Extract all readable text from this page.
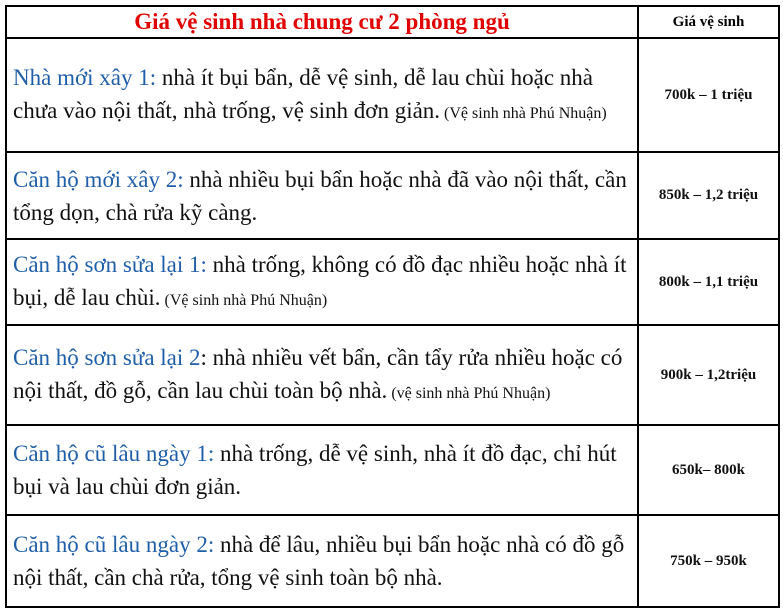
Giá vệ sinh nhà chung cư 2 phòng ngủ	Giá vệ sinh
Nhà mới xây 1: nhà ít bụi bẩn, dễ vệ sinh, dễ lau chùi hoặc nhà chưa vào nội thất, nhà trống, vệ sinh đơn giản. (Vệ sinh nhà Phú Nhuận)	700k – 1 triệu
Căn hộ mới xây 2: nhà nhiều bụi bẩn hoặc nhà đã vào nội thất, cần tổng dọn, chà rửa kỹ càng.	850k – 1,2 triệu
Căn hộ sơn sửa lại 1: nhà trống, không có đồ đạc nhiều hoặc nhà ít bụi, dễ lau chùi. (Vệ sinh nhà Phú Nhuận)	800k – 1,1 triệu
Căn hộ sơn sửa lại 2: nhà nhiều vết bẩn, cần tẩy rửa nhiều hoặc có nội thất, đồ gỗ, cần lau chùi toàn bộ nhà. (vệ sinh nhà Phú Nhuận)	900k – 1,2triệu
Căn hộ cũ lâu ngày 1: nhà trống, dễ vệ sinh, nhà ít đồ đạc, chỉ hút bụi và lau chùi đơn giản.	650k– 800k
Căn hộ cũ lâu ngày 2: nhà để lâu, nhiều bụi bẩn hoặc nhà có đồ gỗ nội thất, cần chà rửa, tổng vệ sinh toàn bộ nhà.	750k – 950k
